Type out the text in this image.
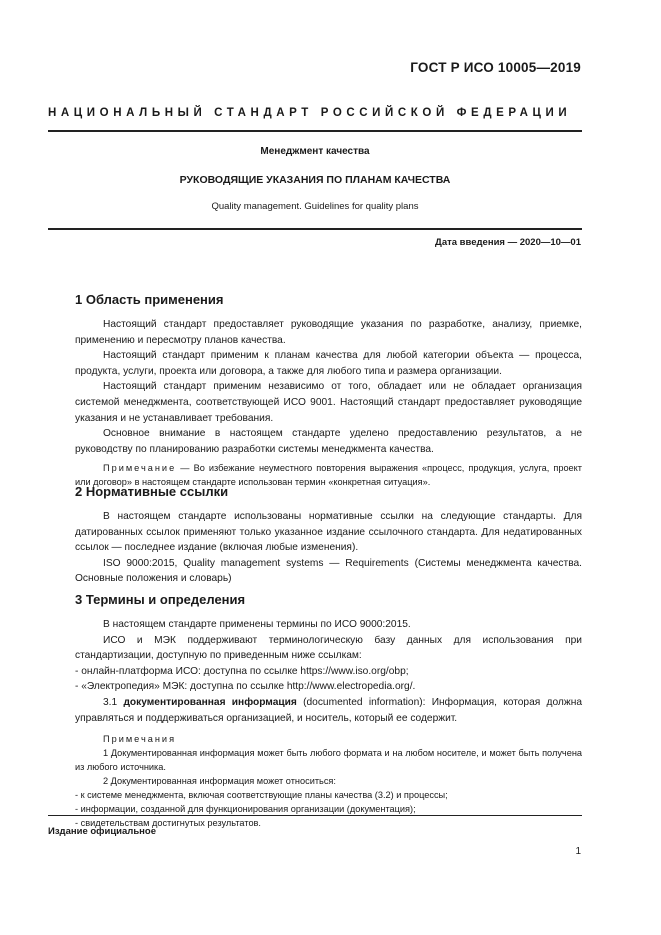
ГОСТ Р ИСО 10005—2019
НАЦИОНАЛЬНЫЙ СТАНДАРТ РОССИЙСКОЙ ФЕДЕРАЦИИ
Менеджмент качества
РУКОВОДЯЩИЕ УКАЗАНИЯ ПО ПЛАНАМ КАЧЕСТВА
Quality management. Guidelines for quality plans
Дата введения — 2020—10—01

1 Область применения

Настоящий стандарт предоставляет руководящие указания по разработке, анализу, приемке, применению и пересмотру планов качества.

Настоящий стандарт применим к планам качества для любой категории объекта — процесса, продукта, услуги, проекта или договора, а также для любого типа и размера организации.

Настоящий стандарт применим независимо от того, обладает или не обладает организация системой менеджмента, соответствующей ИСО 9001. Настоящий стандарт предоставляет руководящие указания и не устанавливает требования.

Основное внимание в настоящем стандарте уделено предоставлению результатов, а не руководству по планированию разработки системы менеджмента качества.

Примечание — Во избежание неуместного повторения выражения «процесс, продукция, услуга, проект или договор» в настоящем стандарте использован термин «конкретная ситуация».

2 Нормативные ссылки

В настоящем стандарте использованы нормативные ссылки на следующие стандарты. Для датированных ссылок применяют только указанное издание ссылочного стандарта. Для недатированных ссылок — последнее издание (включая любые изменения).

ISO 9000:2015, Quality management systems — Requirements (Системы менеджмента качества. Основные положения и словарь)

3 Термины и определения

В настоящем стандарте применены термины по ИСО 9000:2015.

ИСО и МЭК поддерживают терминологическую базу данных для использования при стандартизации, доступную по приведенным ниже ссылкам:

- онлайн-платформа ИСО: доступна по ссылке https://www.iso.org/obp;
- «Электропедия» МЭК: доступна по ссылке http://www.electropedia.org/.

3.1 документированная информация (documented information): Информация, которая должна управляться и поддерживаться организацией, и носитель, который ее содержит.

Примечания

1 Документированная информация может быть любого формата и на любом носителе, и может быть получена из любого источника.

2 Документированная информация может относиться:

- к системе менеджмента, включая соответствующие планы качества (3.2) и процессы;
- информации, созданной для функционирования организации (документация);
- свидетельствам достигнутых результатов.
Издание официальное
1
